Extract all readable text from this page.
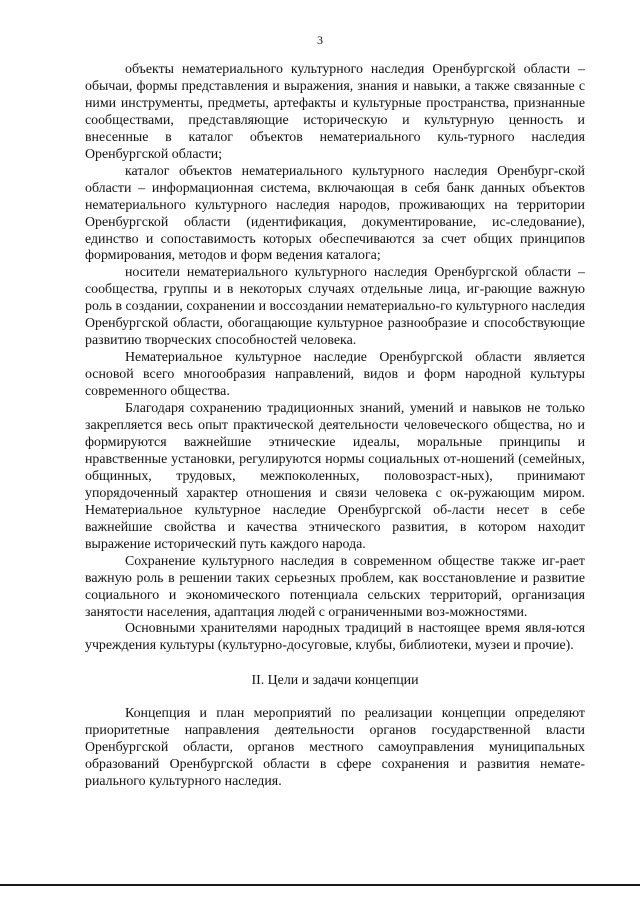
3

объекты нематериального культурного наследия Оренбургской области – обычаи, формы представления и выражения, знания и навыки, а также связанные с ними инструменты, предметы, артефакты и культурные пространства, признанные сообществами, представляющие историческую и культурную ценность и внесенные в каталог объектов нематериального куль-турного наследия Оренбургской области;

каталог объектов нематериального культурного наследия Оренбург-ской области – информационная система, включающая в себя банк данных объектов нематериального культурного наследия народов, проживающих на территории Оренбургской области (идентификация, документирование, ис-следование), единство и сопоставимость которых обеспечиваются за счет общих принципов формирования, методов и форм ведения каталога;

носители нематериального культурного наследия Оренбургской области – сообщества, группы и в некоторых случаях отдельные лица, иг-рающие важную роль в создании, сохранении и воссоздании нематериально-го культурного наследия Оренбургской области, обогащающие культурное разнообразие и способствующие развитию творческих способностей человека.

Нематериальное культурное наследие Оренбургской области является основой всего многообразия направлений, видов и форм народной культуры современного общества.

Благодаря сохранению традиционных знаний, умений и навыков не только закрепляется весь опыт практической деятельности человеческого общества, но и формируются важнейшие этнические идеалы, моральные принципы и нравственные установки, регулируются нормы социальных от-ношений (семейных, общинных, трудовых, межпоколенных, половозраст-ных), принимают упорядоченный характер отношения и связи человека с ок-ружающим миром. Нематериальное культурное наследие Оренбургской об-ласти несет в себе важнейшие свойства и качества этнического развития, в котором находит выражение исторический путь каждого народа.

Сохранение культурного наследия в современном обществе также иг-рает важную роль в решении таких серьезных проблем, как восстановление и развитие социального и экономического потенциала сельских территорий, организация занятости населения, адаптация людей с ограниченными воз-можностями.

Основными хранителями народных традиций в настоящее время явля-ются учреждения культуры (культурно-досуговые, клубы, библиотеки, музеи и прочие).

II. Цели и задачи концепции

Концепция и план мероприятий по реализации концепции определяют приоритетные направления деятельности органов государственной власти Оренбургской области, органов местного самоуправления муниципальных образований Оренбургской области в сфере сохранения и развития немате-риального культурного наследия.
